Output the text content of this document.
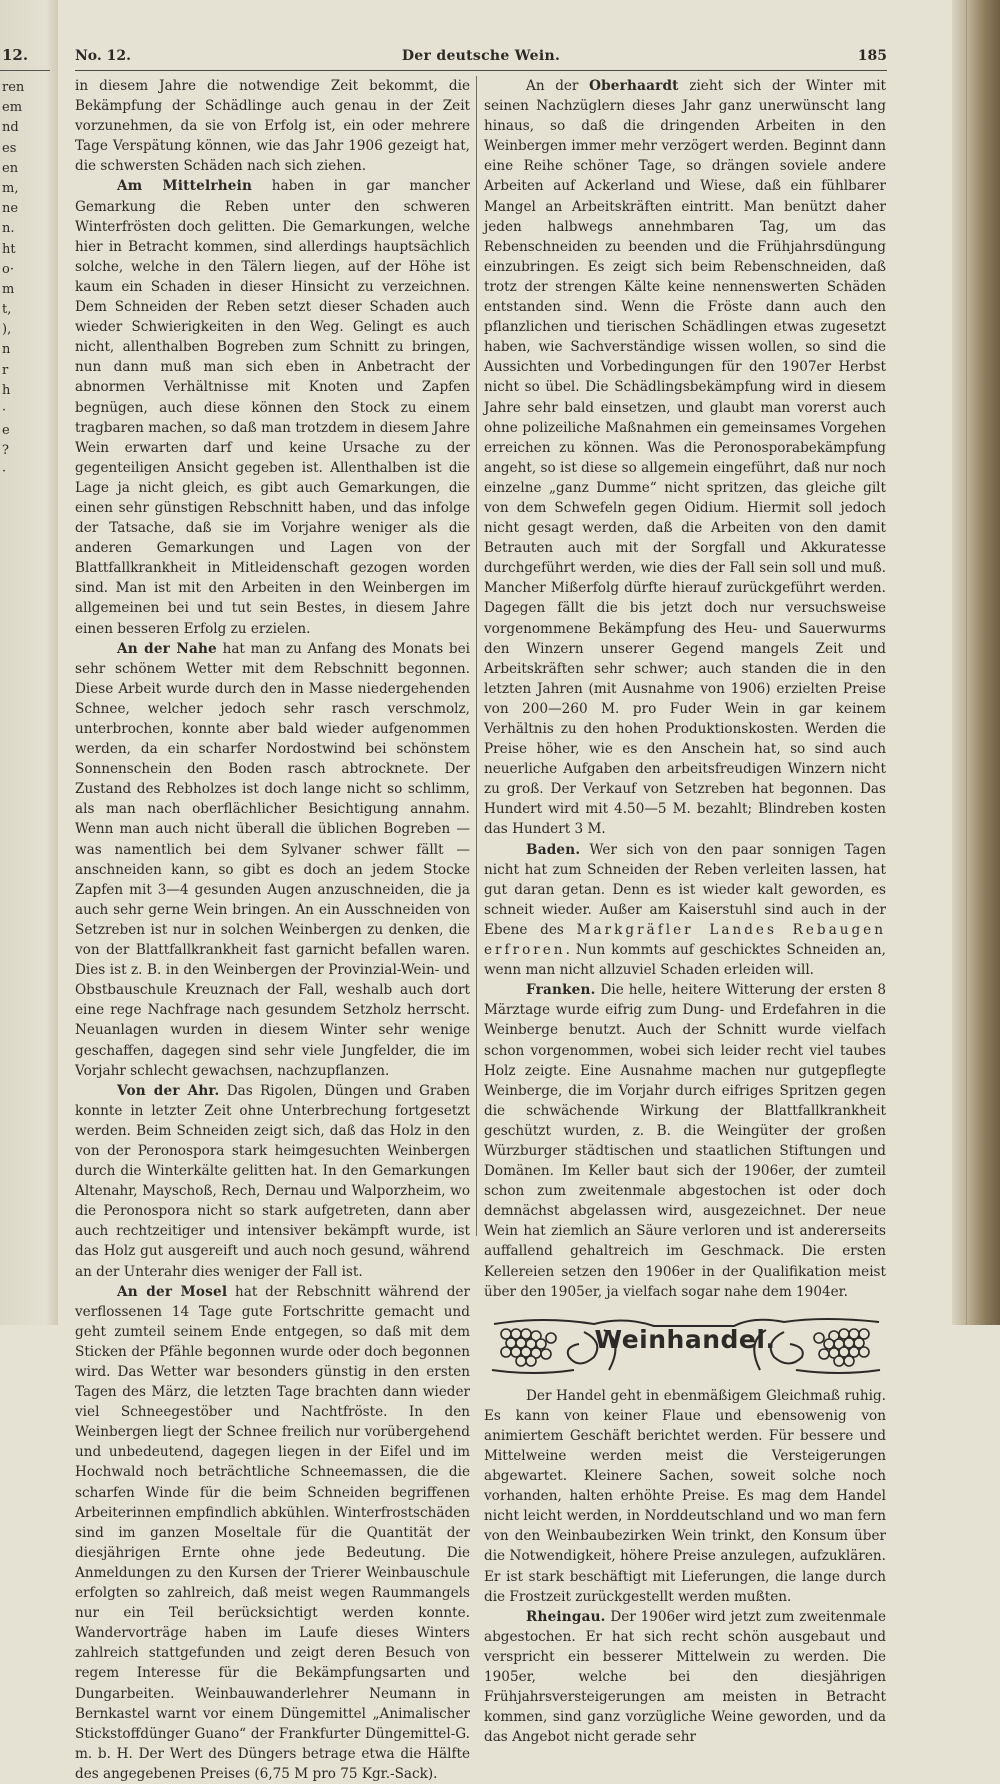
12.
ren
em
nd
es
en
m,
ne
n.
ht
o·
m
t,
),
n
r
h
·
e
?
·
No. 12.	Der deutsche Wein.	185

in diesem Jahre die notwendige Zeit bekommt, die Bekämpfung der Schädlinge auch genau in der Zeit vorzunehmen, da sie von Erfolg ist, ein oder mehrere Tage Verspätung können, wie das Jahr 1906 gezeigt hat, die schwersten Schäden nach sich ziehen.

Am Mittelrhein haben in gar mancher Gemarkung die Reben unter den schweren Winterfrösten doch gelitten. Die Gemarkungen, welche hier in Betracht kommen, sind allerdings hauptsächlich solche, welche in den Tälern liegen, auf der Höhe ist kaum ein Schaden in dieser Hinsicht zu verzeichnen. Dem Schneiden der Reben setzt dieser Schaden auch wieder Schwierigkeiten in den Weg. Gelingt es auch nicht, allenthalben Bogreben zum Schnitt zu bringen, nun dann muß man sich eben in Anbetracht der abnormen Verhältnisse mit Knoten und Zapfen begnügen, auch diese können den Stock zu einem tragbaren machen, so daß man trotzdem in diesem Jahre Wein erwarten darf und keine Ursache zu der gegenteiligen Ansicht gegeben ist. Allenthalben ist die Lage ja nicht gleich, es gibt auch Gemarkungen, die einen sehr günstigen Rebschnitt haben, und das infolge der Tatsache, daß sie im Vorjahre weniger als die anderen Gemarkungen und Lagen von der Blattfallkrankheit in Mitleidenschaft gezogen worden sind. Man ist mit den Arbeiten in den Weinbergen im allgemeinen bei und tut sein Bestes, in diesem Jahre einen besseren Erfolg zu erzielen.

An der Nahe hat man zu Anfang des Monats bei sehr schönem Wetter mit dem Rebschnitt begonnen. Diese Arbeit wurde durch den in Masse niedergehenden Schnee, welcher jedoch sehr rasch verschmolz, unterbrochen, konnte aber bald wieder aufgenommen werden, da ein scharfer Nordostwind bei schönstem Sonnenschein den Boden rasch abtrocknete. Der Zustand des Rebholzes ist doch lange nicht so schlimm, als man nach oberflächlicher Besichtigung annahm. Wenn man auch nicht überall die üblichen Bogreben — was namentlich bei dem Sylvaner schwer fällt — anschneiden kann, so gibt es doch an jedem Stocke Zapfen mit 3—4 gesunden Augen anzuschneiden, die ja auch sehr gerne Wein bringen. An ein Ausschneiden von Setzreben ist nur in solchen Weinbergen zu denken, die von der Blattfallkrankheit fast garnicht befallen waren. Dies ist z. B. in den Weinbergen der Provinzial-Wein- und Obstbauschule Kreuznach der Fall, weshalb auch dort eine rege Nachfrage nach gesundem Setzholz herrscht. Neuanlagen wurden in diesem Winter sehr wenige geschaffen, dagegen sind sehr viele Jungfelder, die im Vorjahr schlecht gewachsen, nachzupflanzen.

Von der Ahr. Das Rigolen, Düngen und Graben konnte in letzter Zeit ohne Unterbrechung fortgesetzt werden. Beim Schneiden zeigt sich, daß das Holz in den von der Peronospora stark heimgesuchten Weinbergen durch die Winterkälte gelitten hat. In den Gemarkungen Altenahr, Mayschoß, Rech, Dernau und Walporzheim, wo die Peronospora nicht so stark aufgetreten, dann aber auch rechtzeitiger und intensiver bekämpft wurde, ist das Holz gut ausgereift und auch noch gesund, während an der Unterahr dies weniger der Fall ist.

An der Mosel hat der Rebschnitt während der verflossenen 14 Tage gute Fortschritte gemacht und geht zumteil seinem Ende entgegen, so daß mit dem Sticken der Pfähle begonnen wurde oder doch begonnen wird. Das Wetter war besonders günstig in den ersten Tagen des März, die letzten Tage brachten dann wieder viel Schneegestöber und Nachtfröste. In den Weinbergen liegt der Schnee freilich nur vorübergehend und unbedeutend, dagegen liegen in der Eifel und im Hochwald noch beträchtliche Schneemassen, die die scharfen Winde für die beim Schneiden begriffenen Arbeiterinnen empfindlich abkühlen. Winterfrostschäden sind im ganzen Moseltale für die Quantität der diesjährigen Ernte ohne jede Bedeutung. Die Anmeldungen zu den Kursen der Trierer Weinbauschule erfolgten so zahlreich, daß meist wegen Raummangels nur ein Teil berücksichtigt werden konnte. Wandervorträge haben im Laufe dieses Winters zahlreich stattgefunden und zeigt deren Besuch von regem Interesse für die Bekämpfungsarten und Dungarbeiten. Weinbauwanderlehrer Neumann in Bernkastel warnt vor einem Düngemittel „Animalischer Stickstoffdünger Guano“ der Frankfurter Düngemittel-G. m. b. H. Der Wert des Düngers betrage etwa die Hälfte des angegebenen Preises (6,75 M pro 75 Kgr.-Sack).

An der Oberhaardt zieht sich der Winter mit seinen Nachzüglern dieses Jahr ganz unerwünscht lang hinaus, so daß die dringenden Arbeiten in den Weinbergen immer mehr verzögert werden. Beginnt dann eine Reihe schöner Tage, so drängen soviele andere Arbeiten auf Ackerland und Wiese, daß ein fühlbarer Mangel an Arbeitskräften eintritt. Man benützt daher jeden halbwegs annehmbaren Tag, um das Rebenschneiden zu beenden und die Frühjahrsdüngung einzubringen. Es zeigt sich beim Rebenschneiden, daß trotz der strengen Kälte keine nennenswerten Schäden entstanden sind. Wenn die Fröste dann auch den pflanzlichen und tierischen Schädlingen etwas zugesetzt haben, wie Sachverständige wissen wollen, so sind die Aussichten und Vorbedingungen für den 1907er Herbst nicht so übel. Die Schädlingsbekämpfung wird in diesem Jahre sehr bald einsetzen, und glaubt man vorerst auch ohne polizeiliche Maßnahmen ein gemeinsames Vorgehen erreichen zu können. Was die Peronosporabekämpfung angeht, so ist diese so allgemein eingeführt, daß nur noch einzelne „ganz Dumme“ nicht spritzen, das gleiche gilt von dem Schwefeln gegen Oidium. Hiermit soll jedoch nicht gesagt werden, daß die Arbeiten von den damit Betrauten auch mit der Sorgfall und Akkuratesse durchgeführt werden, wie dies der Fall sein soll und muß. Mancher Mißerfolg dürfte hierauf zurückgeführt werden. Dagegen fällt die bis jetzt doch nur versuchsweise vorgenommene Bekämpfung des Heu- und Sauerwurms den Winzern unserer Gegend mangels Zeit und Arbeitskräften sehr schwer; auch standen die in den letzten Jahren (mit Ausnahme von 1906) erzielten Preise von 200—260 M. pro Fuder Wein in gar keinem Verhältnis zu den hohen Produktionskosten. Werden die Preise höher, wie es den Anschein hat, so sind auch neuerliche Aufgaben den arbeitsfreudigen Winzern nicht zu groß. Der Verkauf von Setzreben hat begonnen. Das Hundert wird mit 4.50—5 M. bezahlt; Blindreben kosten das Hundert 3 M.

Baden. Wer sich von den paar sonnigen Tagen nicht hat zum Schneiden der Reben verleiten lassen, hat gut daran getan. Denn es ist wieder kalt geworden, es schneit wieder. Außer am Kaiserstuhl sind auch in der Ebene des Markgräfler Landes Rebaugen erfroren. Nun kommts auf geschicktes Schneiden an, wenn man nicht allzuviel Schaden erleiden will.

Franken. Die helle, heitere Witterung der ersten 8 Märztage wurde eifrig zum Dung- und Erdefahren in die Weinberge benutzt. Auch der Schnitt wurde vielfach schon vorgenommen, wobei sich leider recht viel taubes Holz zeigte. Eine Ausnahme machen nur gutgepflegte Weinberge, die im Vorjahr durch eifriges Spritzen gegen die schwächende Wirkung der Blattfallkrankheit geschützt wurden, z. B. die Weingüter der großen Würzburger städtischen und staatlichen Stiftungen und Domänen. Im Keller baut sich der 1906er, der zumteil schon zum zweitenmale abgestochen ist oder doch demnächst abgelassen wird, ausgezeichnet. Der neue Wein hat ziemlich an Säure verloren und ist andererseits auffallend gehaltreich im Geschmack. Die ersten Kellereien setzen den 1906er in der Qualifikation meist über den 1905er, ja vielfach sogar nahe dem 1904er.

Weinhandel.

Der Handel geht in ebenmäßigem Gleichmaß ruhig. Es kann von keiner Flaue und ebensowenig von animiertem Geschäft berichtet werden. Für bessere und Mittelweine werden meist die Versteigerungen abgewartet. Kleinere Sachen, soweit solche noch vorhanden, halten erhöhte Preise. Es mag dem Handel nicht leicht werden, in Norddeutschland und wo man fern von den Weinbaubezirken Wein trinkt, den Konsum über die Notwendigkeit, höhere Preise anzulegen, aufzuklären. Er ist stark beschäftigt mit Lieferungen, die lange durch die Frostzeit zurückgestellt werden mußten.

Rheingau. Der 1906er wird jetzt zum zweitenmale abgestochen. Er hat sich recht schön ausgebaut und verspricht ein besserer Mittelwein zu werden. Die 1905er, welche bei den diesjährigen Frühjahrsversteigerungen am meisten in Betracht kommen, sind ganz vorzügliche Weine geworden, und da das Angebot nicht gerade sehr
